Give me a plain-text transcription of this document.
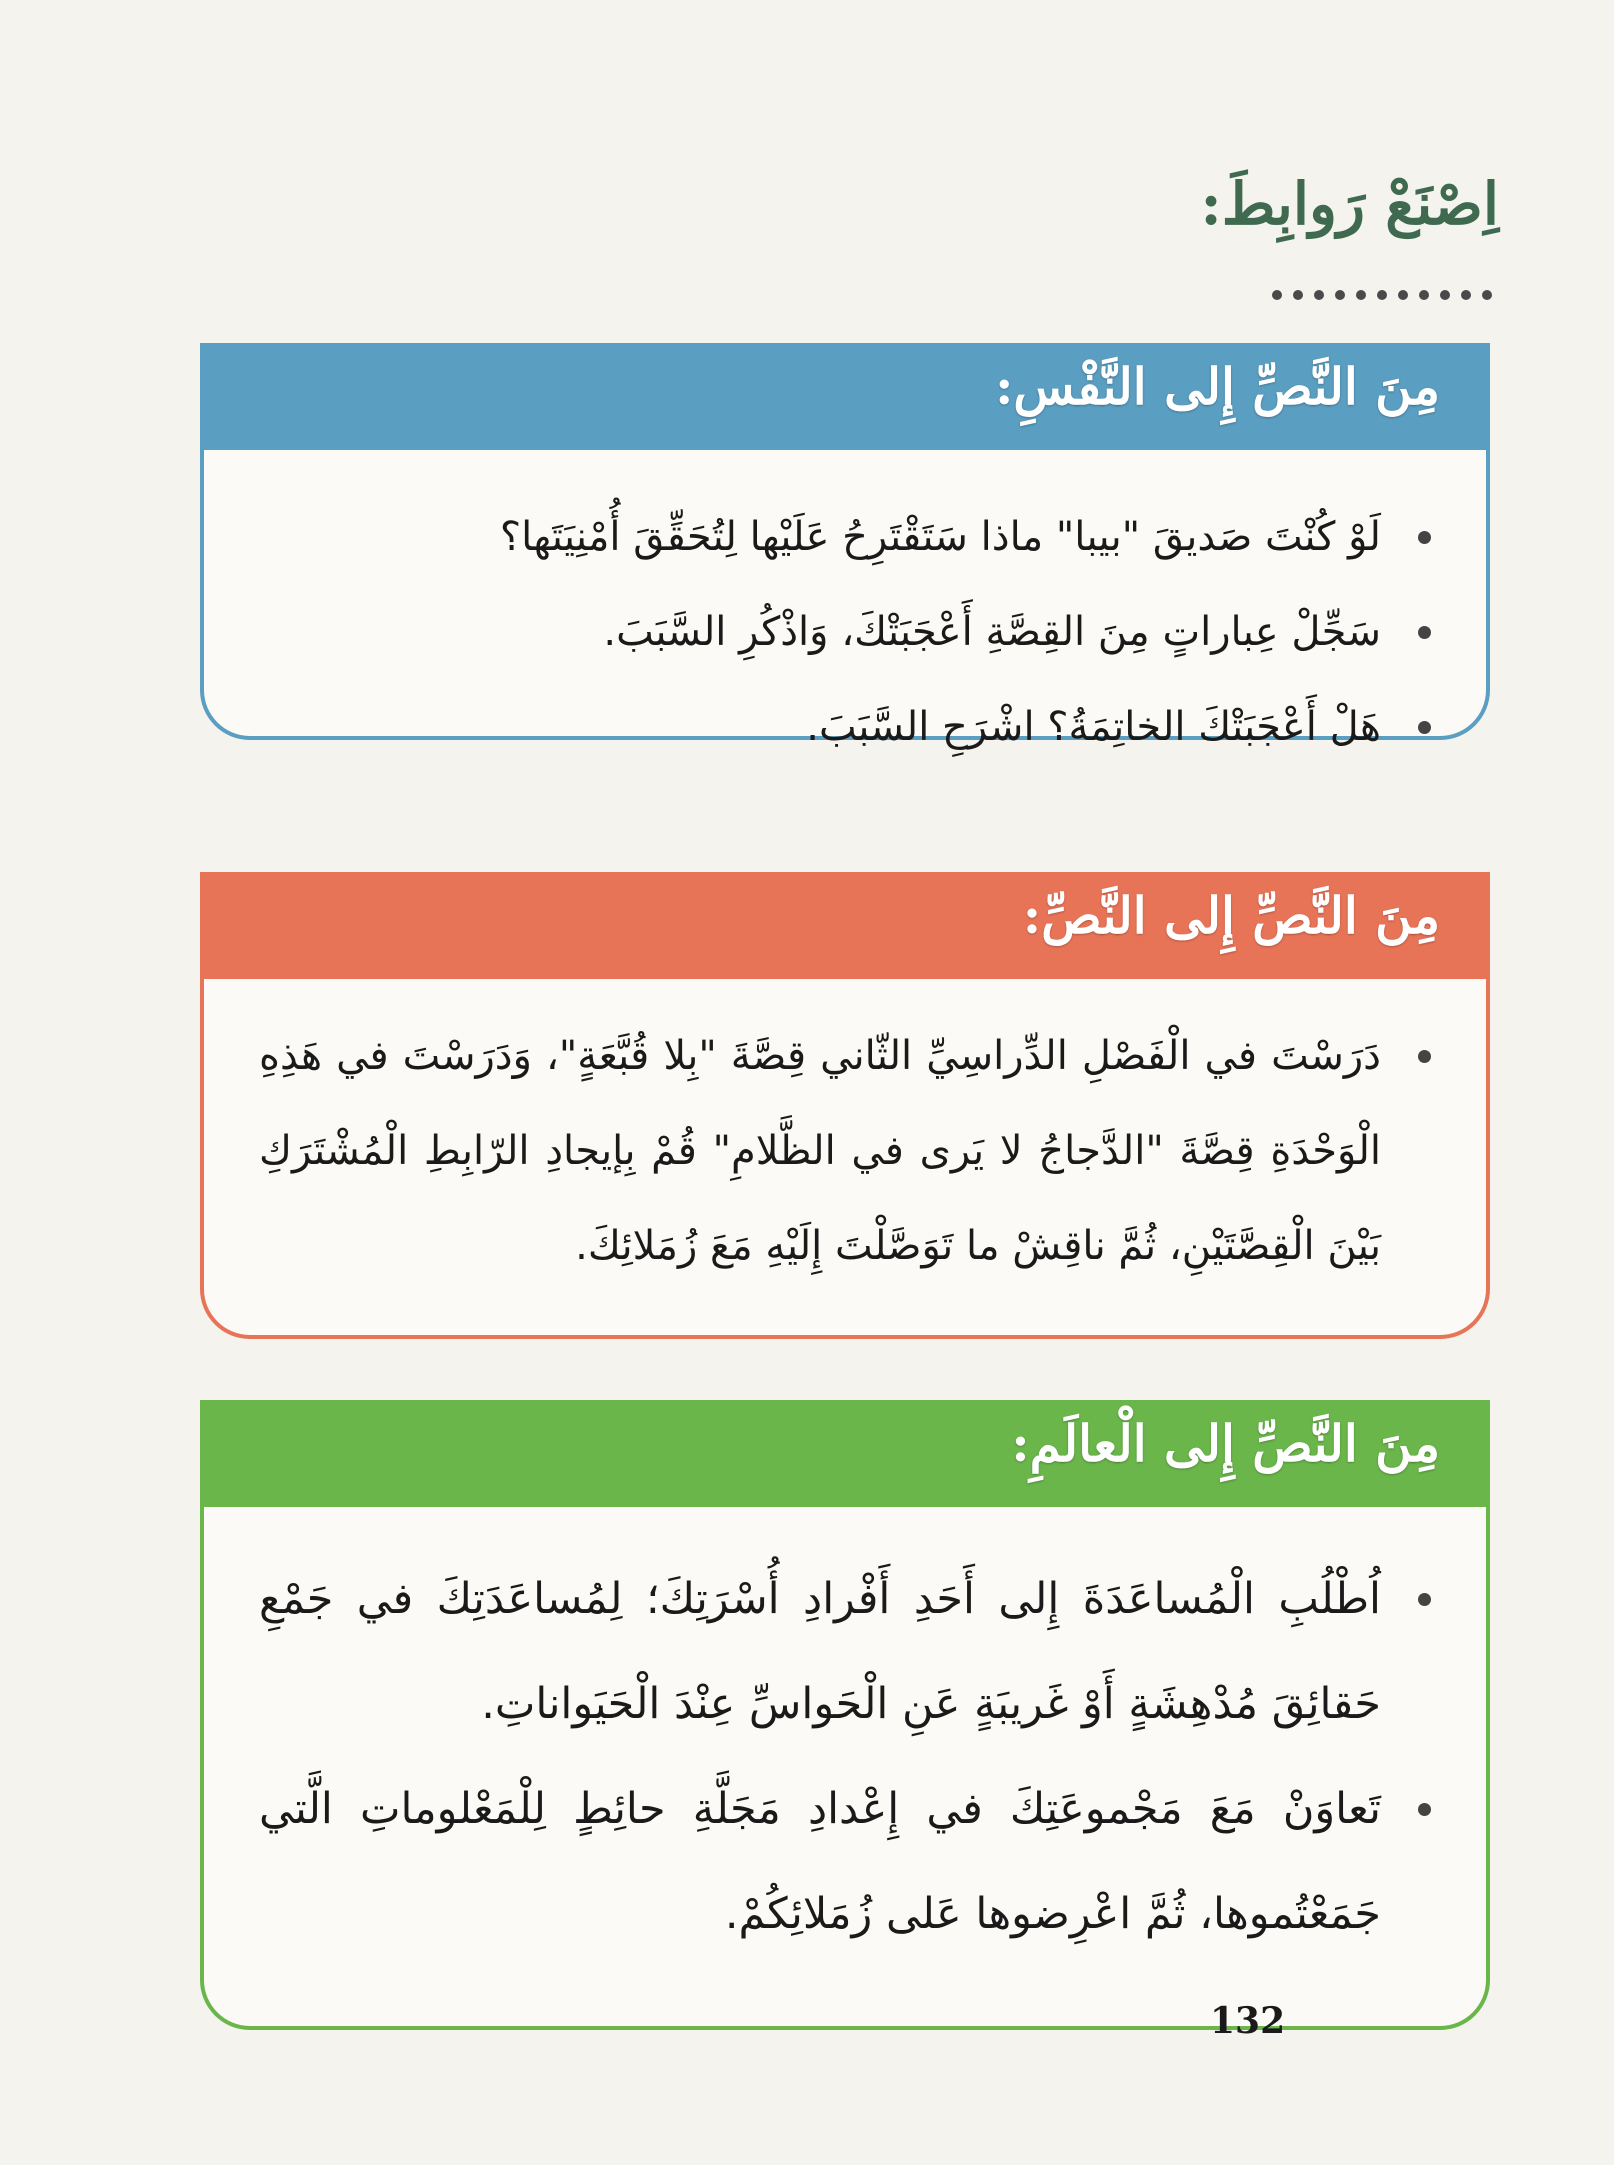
اِصْنَعْ رَوابِطَ:
مِنَ النَّصِّ إِلى النَّفْسِ:
لَوْ كُنْتَ صَديقَ "بيبا" ماذا سَتَقْتَرِحُ عَلَيْها لِتُحَقِّقَ أُمْنِيَتَها؟
سَجِّلْ عِباراتٍ مِنَ القِصَّةِ أَعْجَبَتْكَ، وَاذْكُرِ السَّبَبَ.
هَلْ أَعْجَبَتْكَ الخاتِمَةُ؟ اشْرَحِ السَّبَبَ.
مِنَ النَّصِّ إِلى النَّصِّ:
دَرَسْتَ في الْفَصْلِ الدِّراسِيِّ الثّاني قِصَّةَ "بِلا قُبَّعَةٍ"، وَدَرَسْتَ في هَذِهِ الْوَحْدَةِ قِصَّةَ "الدَّجاجُ لا يَرى في الظَّلامِ" قُمْ بِإيجادِ الرّابِطِ الْمُشْتَرَكِ بَيْنَ الْقِصَّتَيْنِ، ثُمَّ ناقِشْ ما تَوَصَّلْتَ إِلَيْهِ مَعَ زُمَلائِكَ.
مِنَ النَّصِّ إِلى الْعالَمِ:
اُطْلُبِ الْمُساعَدَةَ إِلى أَحَدِ أَفْرادِ أُسْرَتِكَ؛ لِمُساعَدَتِكَ في جَمْعِ حَقائِقَ مُدْهِشَةٍ أَوْ غَريبَةٍ عَنِ الْحَواسِّ عِنْدَ الْحَيَواناتِ.
تَعاوَنْ مَعَ مَجْموعَتِكَ في إِعْدادِ مَجَلَّةِ حائِطٍ لِلْمَعْلوماتِ الَّتي جَمَعْتُموها، ثُمَّ اعْرِضوها عَلى زُمَلائِكُمْ.
132
